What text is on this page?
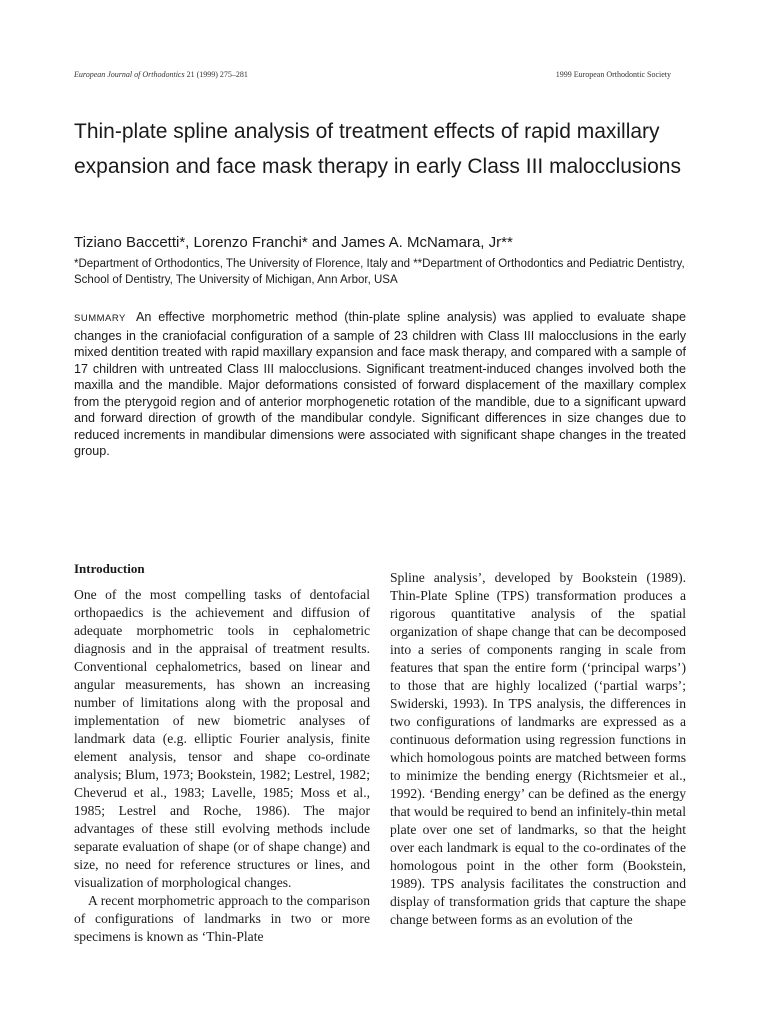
European Journal of Orthodontics 21 (1999) 275–281	1999 European Orthodontic Society
Thin-plate spline analysis of treatment effects of rapid maxillary expansion and face mask therapy in early Class III malocclusions
Tiziano Baccetti*, Lorenzo Franchi* and James A. McNamara, Jr**
*Department of Orthodontics, The University of Florence, Italy and **Department of Orthodontics and Pediatric Dentistry, School of Dentistry, The University of Michigan, Ann Arbor, USA
SUMMARY An effective morphometric method (thin-plate spline analysis) was applied to evaluate shape changes in the craniofacial configuration of a sample of 23 children with Class III malocclusions in the early mixed dentition treated with rapid maxillary expansion and face mask therapy, and compared with a sample of 17 children with untreated Class III malocclusions. Significant treatment-induced changes involved both the maxilla and the mandible. Major deformations consisted of forward displacement of the maxillary complex from the pterygoid region and of anterior morphogenetic rotation of the mandible, due to a significant upward and forward direction of growth of the mandibular condyle. Significant differences in size changes due to reduced increments in mandibular dimensions were associated with significant shape changes in the treated group.
Introduction

One of the most compelling tasks of dentofacial orthopaedics is the achievement and diffusion of adequate morphometric tools in cephalometric diagnosis and in the appraisal of treatment results. Conventional cephalometrics, based on linear and angular measurements, has shown an increasing number of limitations along with the proposal and implementation of new biometric analyses of landmark data (e.g. elliptic Fourier analysis, finite element analysis, tensor and shape co-ordinate analysis; Blum, 1973; Bookstein, 1982; Lestrel, 1982; Cheverud et al., 1983; Lavelle, 1985; Moss et al., 1985; Lestrel and Roche, 1986). The major advantages of these still evolving methods include separate evaluation of shape (or of shape change) and size, no need for reference structures or lines, and visualization of morphological changes.

A recent morphometric approach to the comparison of configurations of landmarks in two or more specimens is known as ‘Thin-Plate

Spline analysis’, developed by Bookstein (1989). Thin-Plate Spline (TPS) transformation produces a rigorous quantitative analysis of the spatial organization of shape change that can be decomposed into a series of components ranging in scale from features that span the entire form (‘principal warps’) to those that are highly localized (‘partial warps’; Swiderski, 1993). In TPS analysis, the differences in two configurations of landmarks are expressed as a continuous deformation using regression functions in which homologous points are matched between forms to minimize the bending energy (Richtsmeier et al., 1992). ‘Bending energy’ can be defined as the energy that would be required to bend an infinitely-thin metal plate over one set of landmarks, so that the height over each landmark is equal to the co-ordinates of the homologous point in the other form (Bookstein, 1989). TPS analysis facilitates the construction and display of transformation grids that capture the shape change between forms as an evolution of the
